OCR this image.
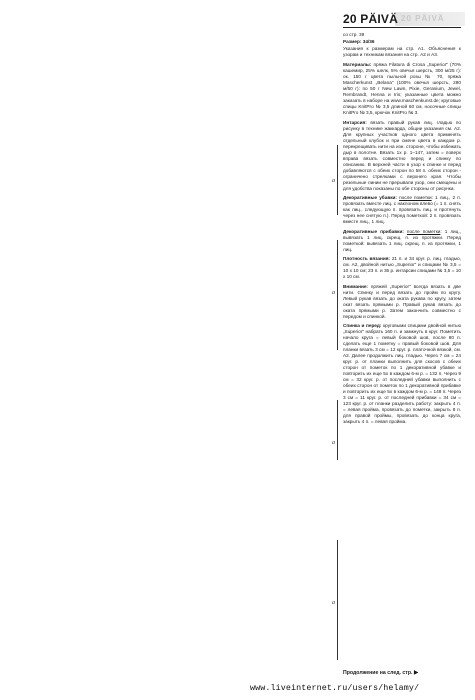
20 PÄIVÄ
20 PÄIVÄ
a
a
a
a

со стр. 39

Размер: 34/36

Указания к размерам на стр. А1. Объяснения к узорам и техникам вязания на стр. А2 и А3.

Материалы: пряжа Filatura di Crosa „Superior" (70% кашемир, 25% шелк, 5% овечья шерсть, 300 м/25 г): ок. 150 г цвета пыльной розы № 70, пряжа Mascherkunst „Belana" (100% овечья шерсть, 280 м/50 г): по 50 г New Lawn, Pixie, Geranium, Jewel, Rembrandt, Henna и Iris; указанные цвета можно заказать в наборе на www.maschenkunst.de; круговые спицы KnitPro № 3,5 длиной 60 см, носочные спицы KnitPro № 3,5, крючок KnitPro № 3.

Интарсия: вязать правый рукав лиц. гладью по рисунку в технике жаккарда, общие указания см. А2. Для крупных участков одного цвета применять отдельный клубок и при смене цвета в каждом р. перекрещивать нити на изн. стороне, чтобы избежать дыр в полотне. Вязать 1х р. 1–147, затем = поверх вправа вязать совместно перед и спинку по описанию. В верхней части в узор к спинке и перед добавляются с обеих сторон по 58 п. обеих сторон - ограничено стрелками с верхнего края. Чтобы резельные линии не прерывали узор, они смещены и для удобства показаны по обе стороны от рисунка.

Декоративные убавки: после пометки: 1 лиц., 2 п. провязать вместе лиц. с наклоном влево (= 1 п. снять как лиц., следующую п. провязать лиц. и протянуть через нее снятую п.). Перед пометкой: 2 п. провязать вместе лиц., 1 лиц.

Декоративные прибавки: после пометки: 1 лиц., вывязать 1 лиц. скрещ. п. из протяжки. Перед пометкой: вывязать 1 лиц. скрещ. п. из протяжки, 1 лиц.

Плотность вязания: 21 п. и 34 круг. р. лиц. гладью, см. А2, двойной нитью „Superior" и спицами № 3,5 = 10 х 10 см; 23 п. и 36 р. интарсии спицами № 3,5 = 10 х 10 см.

Внимание: пряжей „Superior" всегда вязать в две нити. Спинку и перед вязать до пройм по кругу. Левый рукав вязать до оката рукава по кругу, затем окат вязать прямыми р. Правый рукав вязать до оката прямыми р. Затем закончить совместно с передом и спинкой.

Спинка и перед: круговыми спицами двойной нитью „Superior" набрать 160 п. и замкнуть в круг. Пометить начало круга = левый боковой шов, после 80 п. сделать еще 1 пометку = правый боковой шов. Для планки вязать 3 см = 12 круг. р. платочной вязкой, см. А2. Далее продолжить лиц. гладью. Через 7 см = 24 круг. р. от планки выполнить для скосов с обеих сторон от пометок по 1 декоративной убавке и повторить их еще 5х в каждом 6-м р. = 132 п. Через 9 см = 32 круг. р. от последней убавки выполнить с обеих сторон от пометок по 1 декоративной прибавке и повторить их еще 5х в каждом 6-м р. = 148 п. Через 3 см = 11 круг. р. от последней прибавки = 34 см = 123 круг. р. от планки разделить работу: закрыть 4 п. = левая пройма, провязать до пометки, закрыть 8 п. для правой проймы, провязать до конца круга, закрыть 4 п. = левая пройма.

Продолжение на след. стр. ▶
www.liveinternet.ru/users/helamy/
